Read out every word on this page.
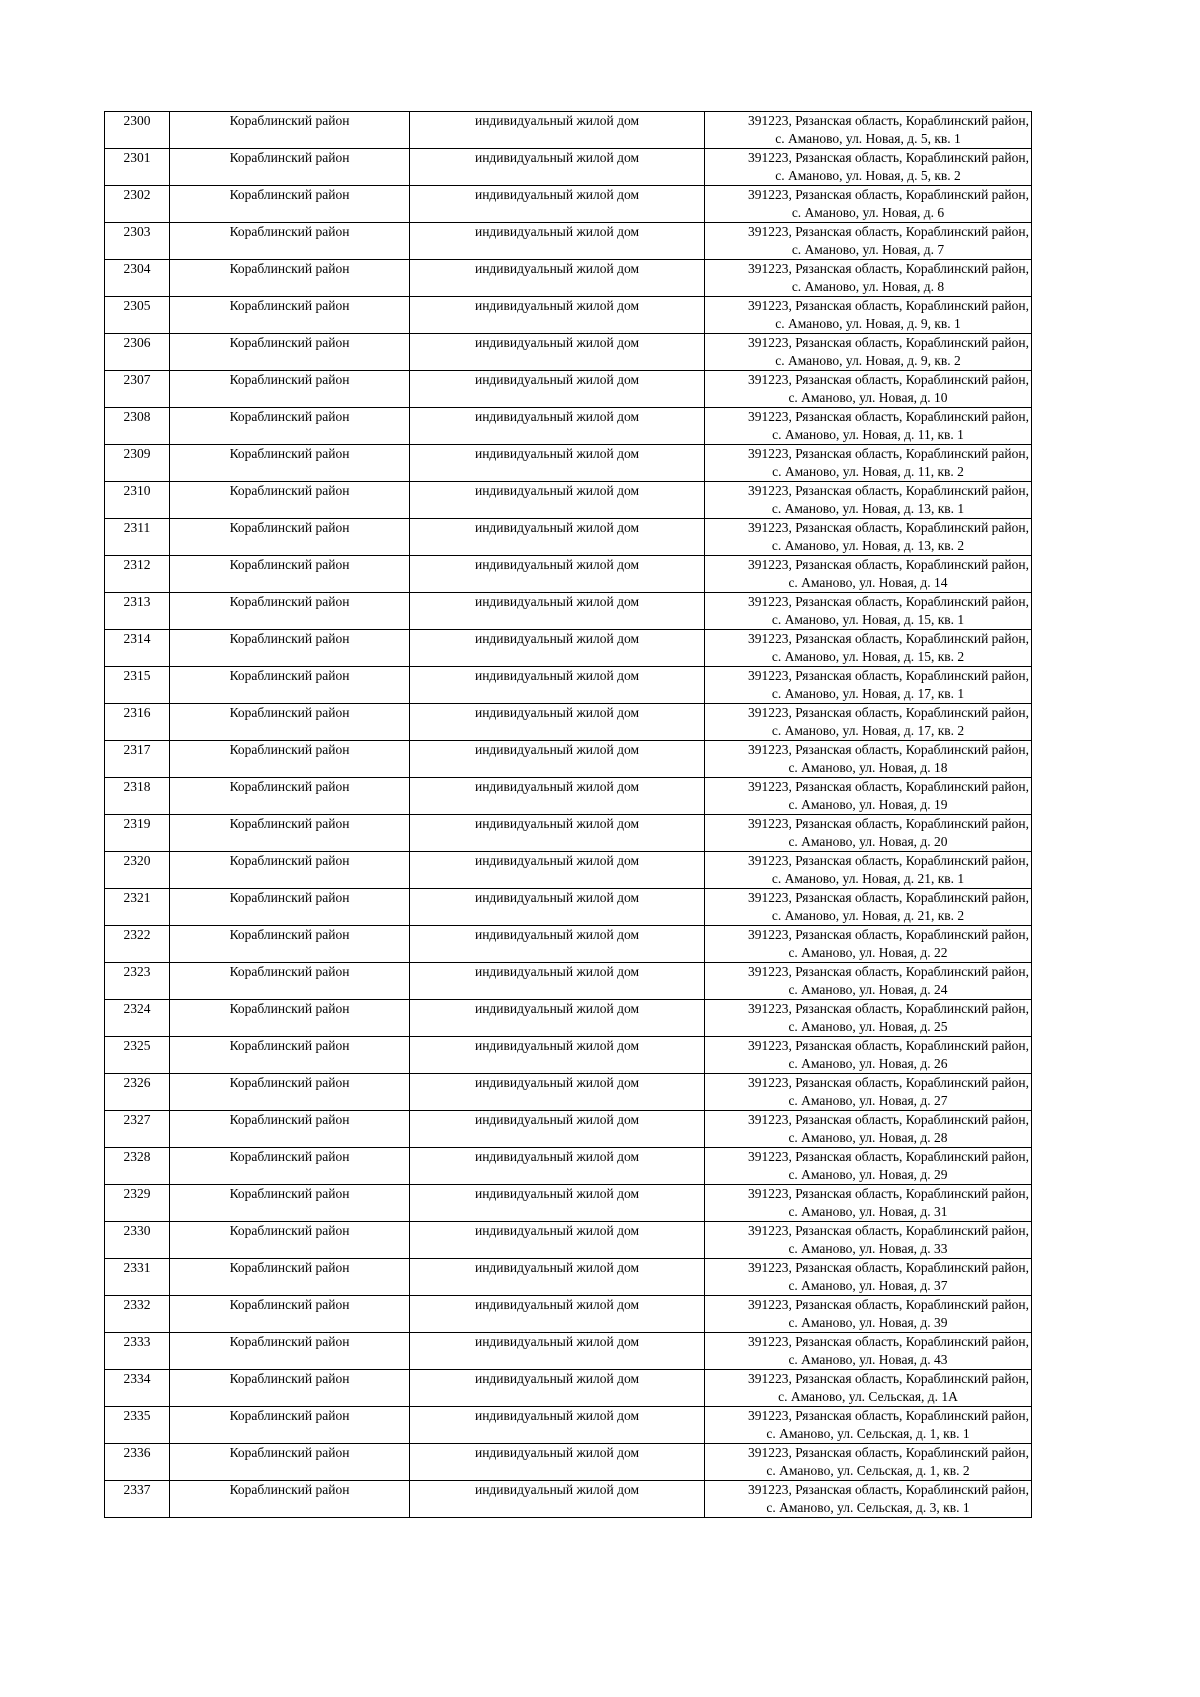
2300	Кораблинский район	индивидуальный жилой дом	391223, Рязанская область, Кораблинский район,
с. Аманово, ул. Новая, д. 5, кв. 1

2301	Кораблинский район	индивидуальный жилой дом	391223, Рязанская область, Кораблинский район,
с. Аманово, ул. Новая, д. 5, кв. 2

2302	Кораблинский район	индивидуальный жилой дом	391223, Рязанская область, Кораблинский район,
с. Аманово, ул. Новая, д. 6

2303	Кораблинский район	индивидуальный жилой дом	391223, Рязанская область, Кораблинский район,
с. Аманово, ул. Новая, д. 7

2304	Кораблинский район	индивидуальный жилой дом	391223, Рязанская область, Кораблинский район,
с. Аманово, ул. Новая, д. 8

2305	Кораблинский район	индивидуальный жилой дом	391223, Рязанская область, Кораблинский район,
с. Аманово, ул. Новая, д. 9, кв. 1

2306	Кораблинский район	индивидуальный жилой дом	391223, Рязанская область, Кораблинский район,
с. Аманово, ул. Новая, д. 9, кв. 2

2307	Кораблинский район	индивидуальный жилой дом	391223, Рязанская область, Кораблинский район,
с. Аманово, ул. Новая, д. 10

2308	Кораблинский район	индивидуальный жилой дом	391223, Рязанская область, Кораблинский район,
с. Аманово, ул. Новая, д. 11, кв. 1

2309	Кораблинский район	индивидуальный жилой дом	391223, Рязанская область, Кораблинский район,
с. Аманово, ул. Новая, д. 11, кв. 2

2310	Кораблинский район	индивидуальный жилой дом	391223, Рязанская область, Кораблинский район,
с. Аманово, ул. Новая, д. 13, кв. 1

2311	Кораблинский район	индивидуальный жилой дом	391223, Рязанская область, Кораблинский район,
с. Аманово, ул. Новая, д. 13, кв. 2

2312	Кораблинский район	индивидуальный жилой дом	391223, Рязанская область, Кораблинский район,
с. Аманово, ул. Новая, д. 14

2313	Кораблинский район	индивидуальный жилой дом	391223, Рязанская область, Кораблинский район,
с. Аманово, ул. Новая, д. 15, кв. 1

2314	Кораблинский район	индивидуальный жилой дом	391223, Рязанская область, Кораблинский район,
с. Аманово, ул. Новая, д. 15, кв. 2

2315	Кораблинский район	индивидуальный жилой дом	391223, Рязанская область, Кораблинский район,
с. Аманово, ул. Новая, д. 17, кв. 1

2316	Кораблинский район	индивидуальный жилой дом	391223, Рязанская область, Кораблинский район,
с. Аманово, ул. Новая, д. 17, кв. 2

2317	Кораблинский район	индивидуальный жилой дом	391223, Рязанская область, Кораблинский район,
с. Аманово, ул. Новая, д. 18

2318	Кораблинский район	индивидуальный жилой дом	391223, Рязанская область, Кораблинский район,
с. Аманово, ул. Новая, д. 19

2319	Кораблинский район	индивидуальный жилой дом	391223, Рязанская область, Кораблинский район,
с. Аманово, ул. Новая, д. 20

2320	Кораблинский район	индивидуальный жилой дом	391223, Рязанская область, Кораблинский район,
с. Аманово, ул. Новая, д. 21, кв. 1

2321	Кораблинский район	индивидуальный жилой дом	391223, Рязанская область, Кораблинский район,
с. Аманово, ул. Новая, д. 21, кв. 2

2322	Кораблинский район	индивидуальный жилой дом	391223, Рязанская область, Кораблинский район,
с. Аманово, ул. Новая, д. 22

2323	Кораблинский район	индивидуальный жилой дом	391223, Рязанская область, Кораблинский район,
с. Аманово, ул. Новая, д. 24

2324	Кораблинский район	индивидуальный жилой дом	391223, Рязанская область, Кораблинский район,
с. Аманово, ул. Новая, д. 25

2325	Кораблинский район	индивидуальный жилой дом	391223, Рязанская область, Кораблинский район,
с. Аманово, ул. Новая, д. 26

2326	Кораблинский район	индивидуальный жилой дом	391223, Рязанская область, Кораблинский район,
с. Аманово, ул. Новая, д. 27

2327	Кораблинский район	индивидуальный жилой дом	391223, Рязанская область, Кораблинский район,
с. Аманово, ул. Новая, д. 28

2328	Кораблинский район	индивидуальный жилой дом	391223, Рязанская область, Кораблинский район,
с. Аманово, ул. Новая, д. 29

2329	Кораблинский район	индивидуальный жилой дом	391223, Рязанская область, Кораблинский район,
с. Аманово, ул. Новая, д. 31

2330	Кораблинский район	индивидуальный жилой дом	391223, Рязанская область, Кораблинский район,
с. Аманово, ул. Новая, д. 33

2331	Кораблинский район	индивидуальный жилой дом	391223, Рязанская область, Кораблинский район,
с. Аманово, ул. Новая, д. 37

2332	Кораблинский район	индивидуальный жилой дом	391223, Рязанская область, Кораблинский район,
с. Аманово, ул. Новая, д. 39

2333	Кораблинский район	индивидуальный жилой дом	391223, Рязанская область, Кораблинский район,
с. Аманово, ул. Новая, д. 43

2334	Кораблинский район	индивидуальный жилой дом	391223, Рязанская область, Кораблинский район,
с. Аманово, ул. Сельская, д. 1А

2335	Кораблинский район	индивидуальный жилой дом	391223, Рязанская область, Кораблинский район,
с. Аманово, ул. Сельская, д. 1, кв. 1

2336	Кораблинский район	индивидуальный жилой дом	391223, Рязанская область, Кораблинский район,
с. Аманово, ул. Сельская, д. 1, кв. 2

2337	Кораблинский район	индивидуальный жилой дом	391223, Рязанская область, Кораблинский район,
с. Аманово, ул. Сельская, д. 3, кв. 1
